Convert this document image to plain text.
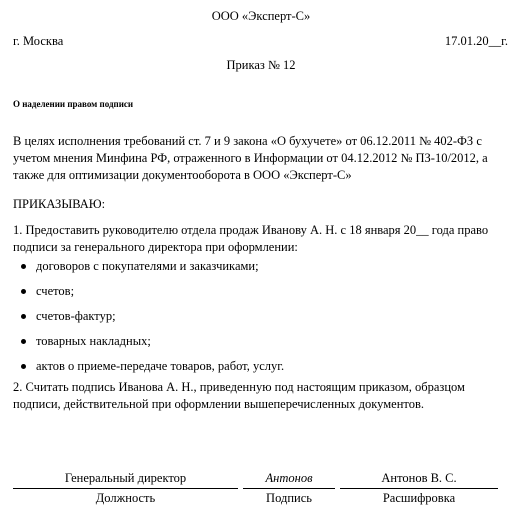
ООО «Эксперт-С»
г. Москва	17.01.20__г.
Приказ № 12
О наделении правом подписи
В целях исполнения требований ст. 7 и 9 закона «О бухучете» от 06.12.2011 № 402-ФЗ с учетом мнения Минфина РФ, отраженного в Информации от 04.12.2012 № ПЗ-10/2012, а также для оптимизации документооборота в ООО «Эксперт-С»
ПРИКАЗЫВАЮ:
1. Предоставить руководителю отдела продаж Иванову А. Н. с 18 января 20__ года право подписи за генерального директора при оформлении:
договоров с покупателями и заказчиками;
счетов;
счетов-фактур;
товарных накладных;
актов о приеме-передаче товаров, работ, услуг.
2. Считать подпись Иванова А. Н., приведенную под настоящим приказом, образцом подписи, действительной при оформлении вышеперечисленных документов.
Генеральный директор	Антонов	Антонов В. С.
Должность	Подпись	Расшифровка
